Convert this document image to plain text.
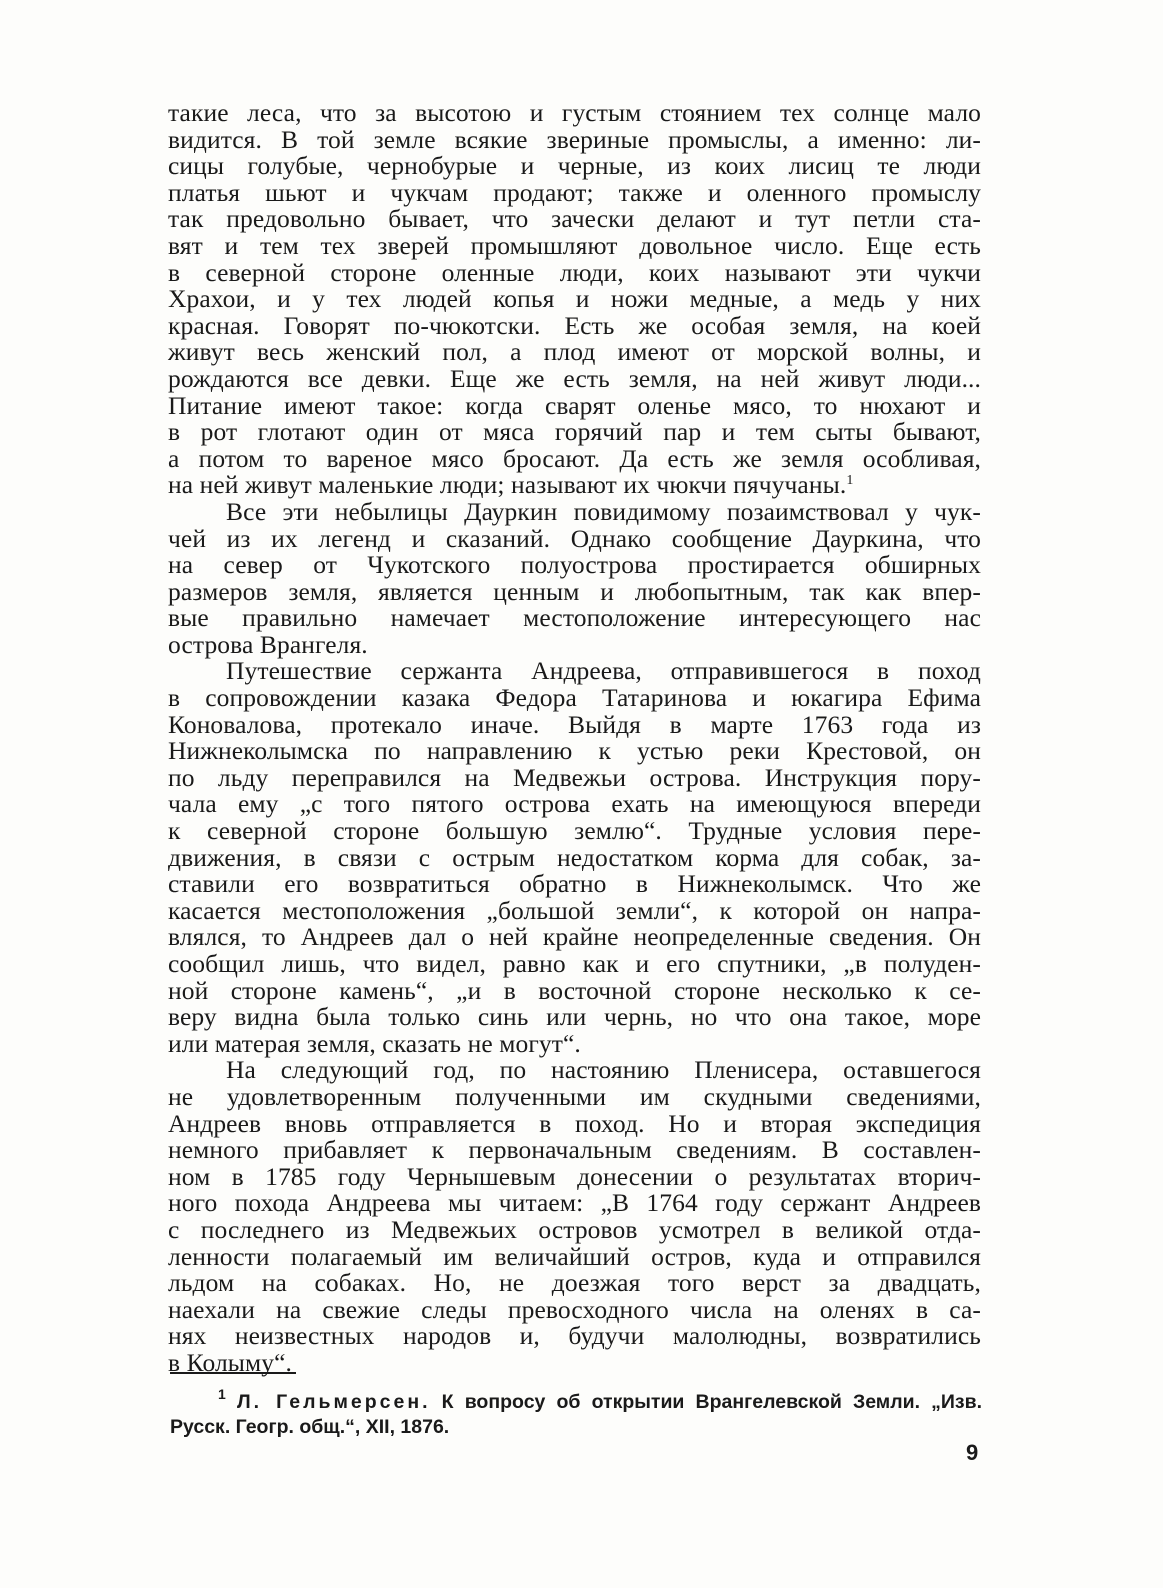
такие леса, что за высотою и густым стоянием тех солнце мало
видится. В той земле всякие звериные промыслы, а именно: ли-
сицы голубые, чернобурые и черные, из коих лисиц те люди
платья шьют и чукчам продают; также и оленного промыслу
так предовольно бывает, что зачески делают и тут петли ста-
вят и тем тех зверей промышляют довольное число. Еще есть
в северной стороне оленные люди, коих называют эти чукчи
Храхои, и у тех людей копья и ножи медные, а медь у них
красная. Говорят по-чюкотски. Есть же особая земля, на коей
живут весь женский пол, а плод имеют от морской волны, и
рождаются все девки. Еще же есть земля, на ней живут люди...
Питание имеют такое: когда сварят оленье мясо, то нюхают и
в рот глотают один от мяса горячий пар и тем сыты бывают,
а потом то вареное мясо бросают. Да есть же земля особливая,
на ней живут маленькие люди; называют их чюкчи пячучаны.$^1$

Все эти небылицы Дауркин повидимому позаимствовал у чук-
чей из их легенд и сказаний. Однако сообщение Дауркина, что
на север от Чукотского полуострова простирается обширных
размеров земля, является ценным и любопытным, так как впер-
вые правильно намечает местоположение интересующего нас
острова Врангеля.

Путешествие сержанта Андреева, отправившегося в поход
в сопровождении казака Федора Татаринова и юкагира Ефима
Коновалова, протекало иначе. Выйдя в марте 1763 года из
Нижнеколымска по направлению к устью реки Крестовой, он
по льду переправился на Медвежьи острова. Инструкция пору-
чала ему „с того пятого острова ехать на имеющуюся впереди
к северной стороне большую землю“. Трудные условия пере-
движения, в связи с острым недостатком корма для собак, за-
ставили его возвратиться обратно в Нижнеколымск. Что же
касается местоположения „большой земли“, к которой он напра-
влялся, то Андреев дал о ней крайне неопределенные сведения. Он
сообщил лишь, что видел, равно как и его спутники, „в полуден-
ной стороне камень“, „и в восточной стороне несколько к се-
веру видна была только синь или чернь, но что она такое, море
или матерая земля, сказать не могут“.

На следующий год, по настоянию Пленисера, оставшегося
не удовлетворенным полученными им скудными сведениями,
Андреев вновь отправляется в поход. Но и вторая экспедиция
немного прибавляет к первоначальным сведениям. В составлен-
ном в 1785 году Чернышевым донесении о результатах вторич-
ного похода Андреева мы читаем: „В 1764 году сержант Андреев
с последнего из Медвежьих островов усмотрел в великой отда-
ленности полагаемый им величайший остров, куда и отправился
льдом на собаках. Но, не доезжая того верст за двадцать,
наехали на свежие следы превосходного числа на оленях в са-
нях неизвестных народов и, будучи малолюдны, возвратились
в Колыму“.

$^1$ Л. Гельмерсен. К вопросу об открытии Врангелевской Земли. „Изв.
Русск. Геогр. общ.“, XII, 1876.
9
